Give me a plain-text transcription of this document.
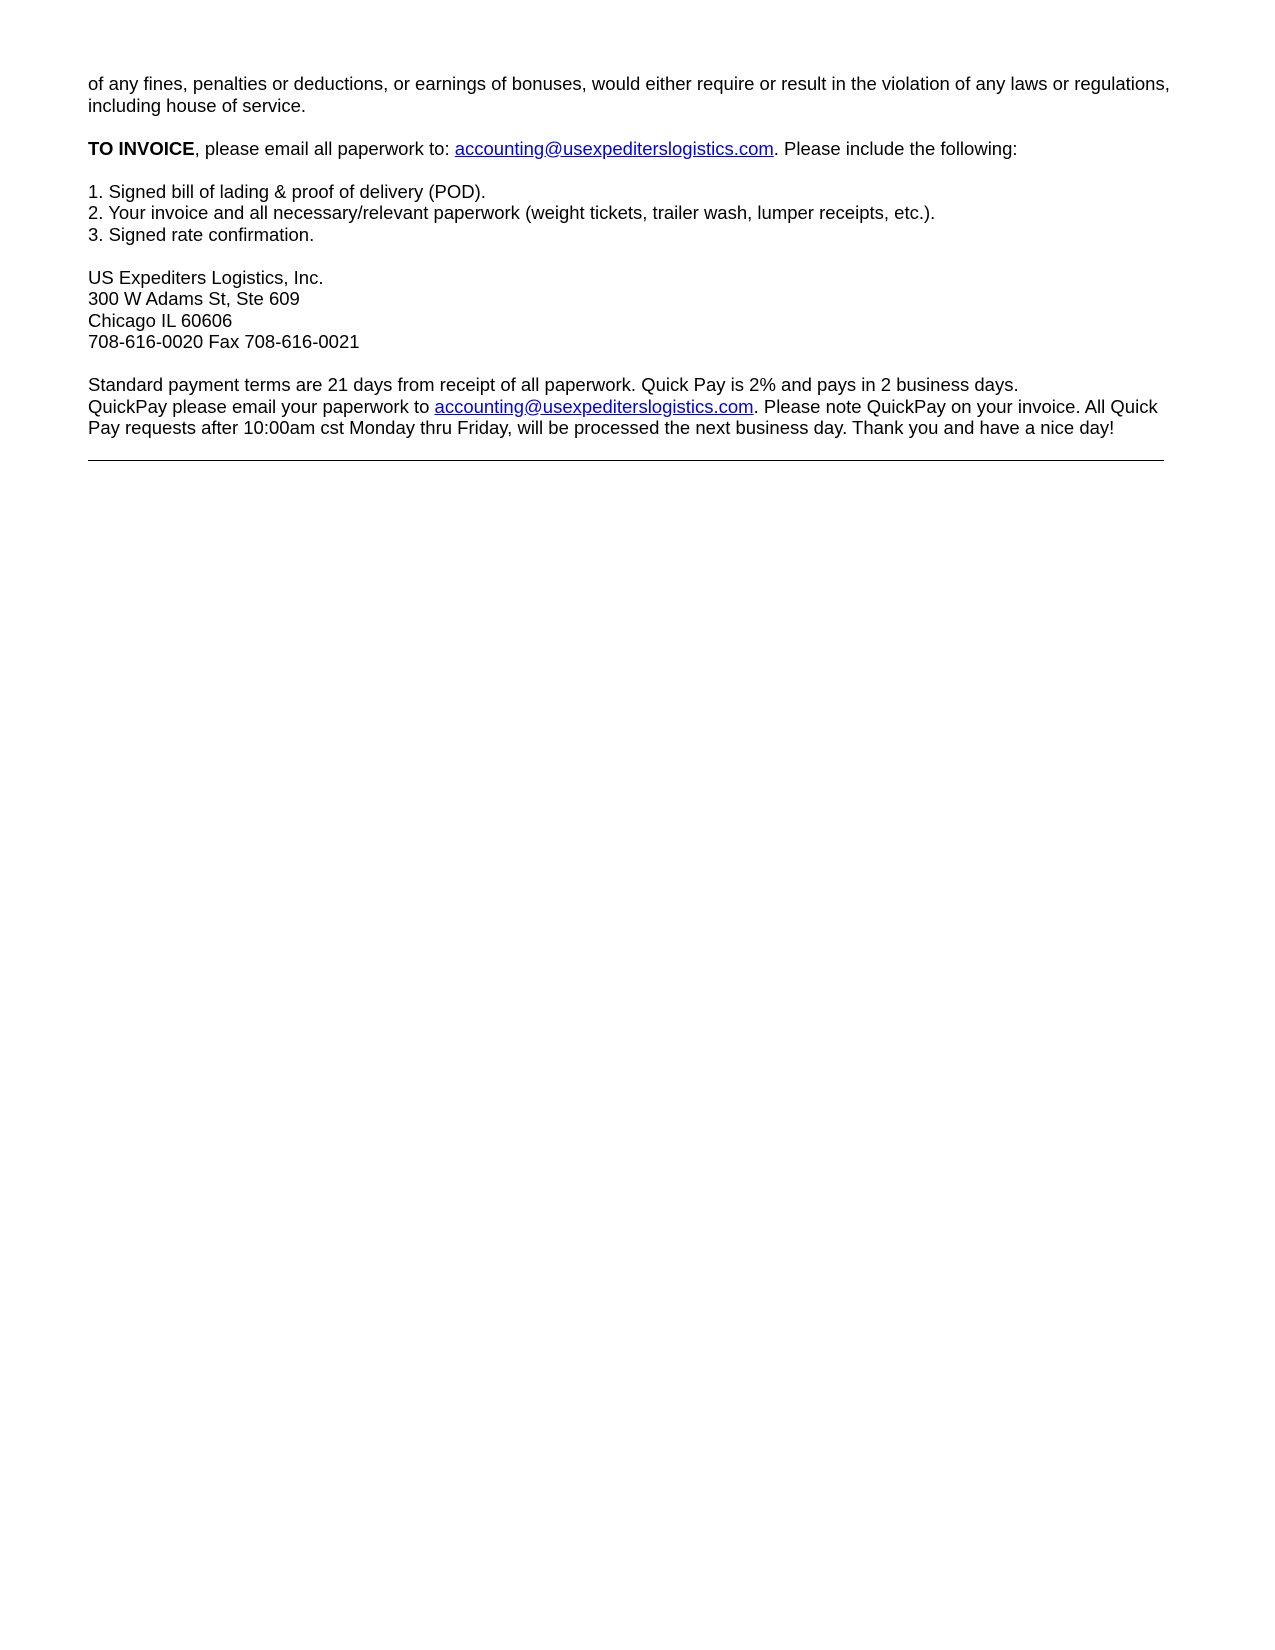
of any fines, penalties or deductions, or earnings of bonuses, would either require or result in the violation of any laws or regulations,
including house of service.
TO INVOICE, please email all paperwork to: accounting@usexpediterslogistics.com. Please include the following:
1. Signed bill of lading & proof of delivery (POD).
2. Your invoice and all necessary/relevant paperwork (weight tickets, trailer wash, lumper receipts, etc.).
3. Signed rate confirmation.
US Expediters Logistics, Inc.
300 W Adams St, Ste 609
Chicago IL 60606
708-616-0020 Fax 708-616-0021
Standard payment terms are 21 days from receipt of all paperwork. Quick Pay is 2% and pays in 2 business days.
QuickPay please email your paperwork to accounting@usexpediterslogistics.com. Please note QuickPay on your invoice. All Quick
Pay requests after 10:00am cst Monday thru Friday, will be processed the next business day. Thank you and have a nice day!
